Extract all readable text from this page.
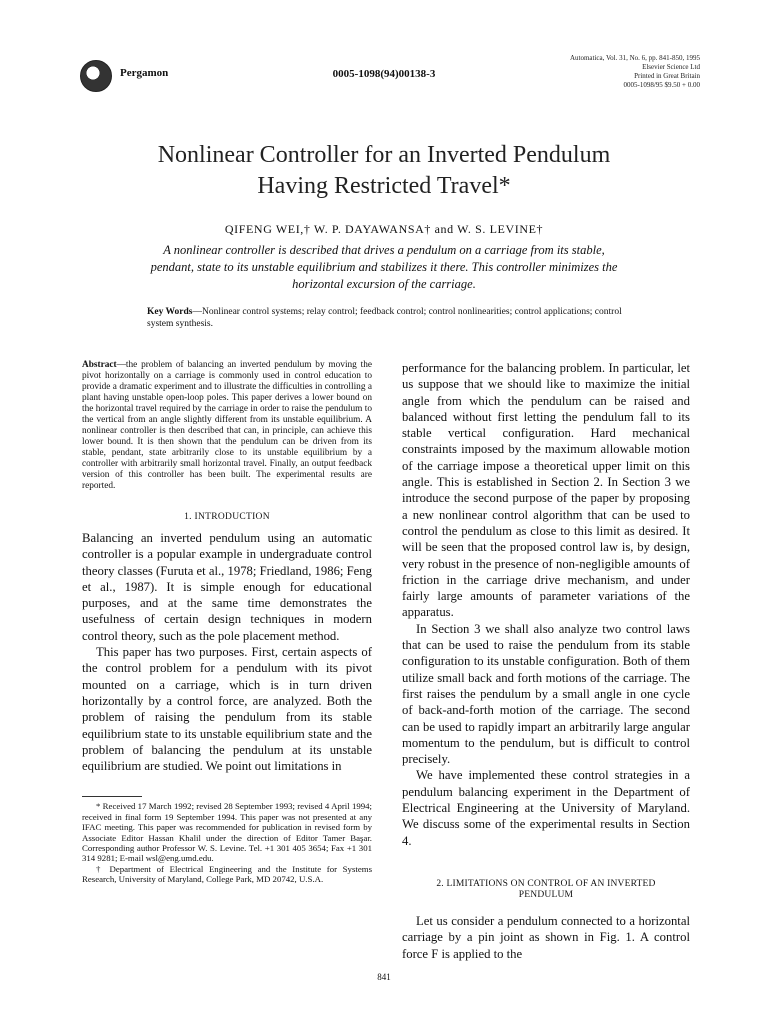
Pergamon	0005-1098(94)00138-3
Automatica, Vol. 31, No. 6, pp. 841-850, 1995
Elsevier Science Ltd
Printed in Great Britain
0005-1098/95 $9.50 + 0.00
Nonlinear Controller for an Inverted Pendulum
Having Restricted Travel*
QIFENG WEI,† W. P. DAYAWANSA† and W. S. LEVINE†
A nonlinear controller is described that drives a pendulum on a carriage from its stable, pendant, state to its unstable equilibrium and stabilizes it there. This controller minimizes the horizontal excursion of the carriage.
Key Words—Nonlinear control systems; relay control; feedback control; control nonlinearities; control applications; control system synthesis.

Abstract—the problem of balancing an inverted pendulum by moving the pivot horizontally on a carriage is commonly used in control education to provide a dramatic experiment and to illustrate the difficulties in controlling a plant having unstable open-loop poles. This paper derives a lower bound on the horizontal travel required by the carriage in order to raise the pendulum to the vertical from an angle slightly different from its unstable equilibrium. A nonlinear controller is then described that can, in principle, can achieve this lower bound. It is then shown that the pendulum can be driven from its stable, pendant, state arbitrarily close to its unstable equilibrium by a controller with arbitrarily small horizontal travel. Finally, an output feedback version of this controller has been built. The experimental results are reported.

1. INTRODUCTION

Balancing an inverted pendulum using an automatic controller is a popular example in undergraduate control theory classes (Furuta et al., 1978; Friedland, 1986; Feng et al., 1987). It is simple enough for educational purposes, and at the same time demonstrates the usefulness of certain design techniques in modern control theory, such as the pole placement method.

This paper has two purposes. First, certain aspects of the control problem for a pendulum with its pivot mounted on a carriage, which is in turn driven horizontally by a control force, are analyzed. Both the problem of raising the pendulum from its stable equilibrium state to its unstable equilibrium state and the problem of balancing the pendulum at its unstable equilibrium are studied. We point out limitations in

* Received 17 March 1992; revised 28 September 1993; revised 4 April 1994; received in final form 19 September 1994. This paper was not presented at any IFAC meeting. This paper was recommended for publication in revised form by Associate Editor Hassan Khalil under the direction of Editor Tamer Başar. Corresponding author Professor W. S. Levine. Tel. +1 301 405 3654; Fax +1 301 314 9281; E-mail wsl@eng.umd.edu.

† Department of Electrical Engineering and the Institute for Systems Research, University of Maryland, College Park, MD 20742, U.S.A.

performance for the balancing problem. In particular, let us suppose that we should like to maximize the initial angle from which the pendulum can be raised and balanced without first letting the pendulum fall to its stable vertical configuration. Hard mechanical constraints imposed by the maximum allowable motion of the carriage impose a theoretical upper limit on this angle. This is established in Section 2. In Section 3 we introduce the second purpose of the paper by proposing a new nonlinear control algorithm that can be used to control the pendulum as close to this limit as desired. It will be seen that the proposed control law is, by design, very robust in the presence of non-negligible amounts of friction in the carriage drive mechanism, and under fairly large amounts of parameter variations of the apparatus.

In Section 3 we shall also analyze two control laws that can be used to raise the pendulum from its stable configuration to its unstable configuration. Both of them utilize small back and forth motions of the carriage. The first raises the pendulum by a small angle in one cycle of back-and-forth motion of the carriage. The second can be used to rapidly impart an arbitrarily large angular momentum to the pendulum, but is difficult to control precisely.

We have implemented these control strategies in a pendulum balancing experiment in the Department of Electrical Engineering at the University of Maryland. We discuss some of the experimental results in Section 4.

2. LIMITATIONS ON CONTROL OF AN INVERTED
PENDULUM

Let us consider a pendulum connected to a horizontal carriage by a pin joint as shown in Fig. 1. A control force F is applied to the

841
